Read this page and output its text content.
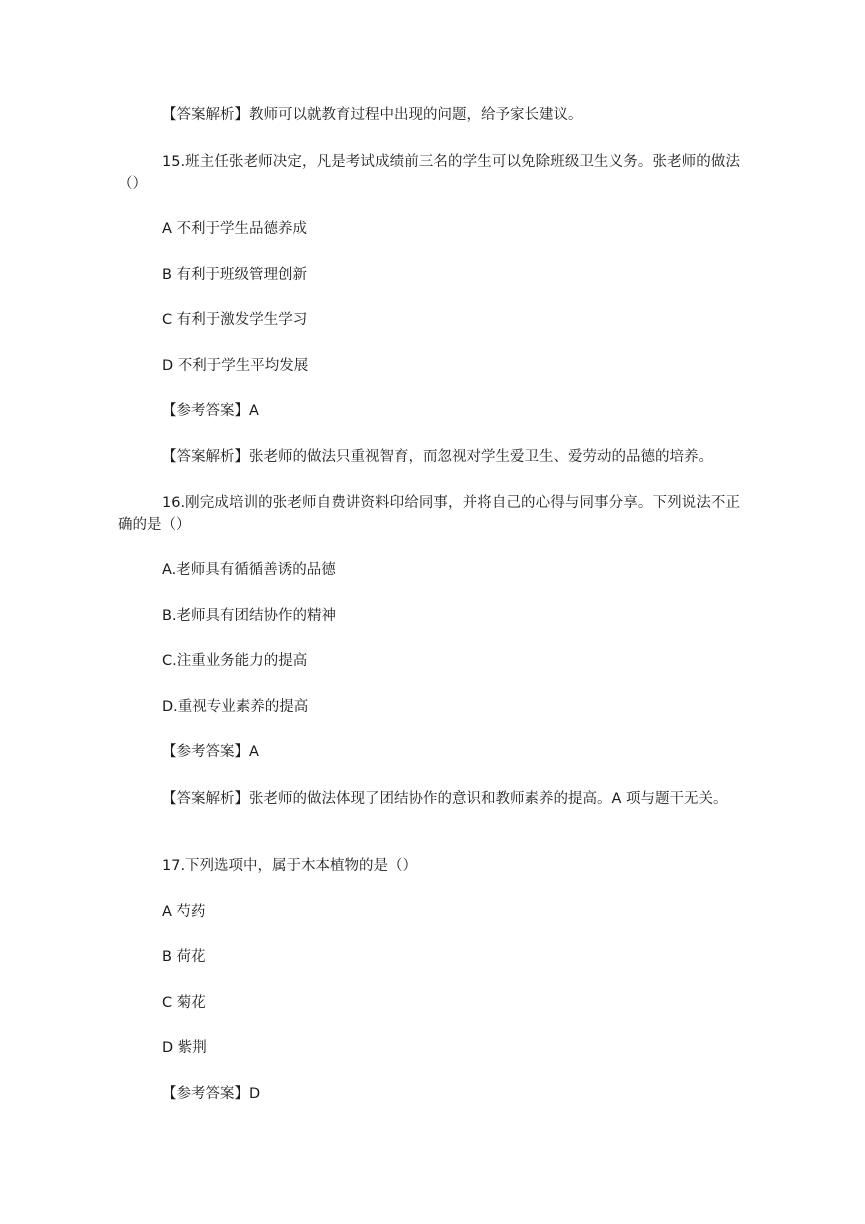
【答案解析】教师可以就教育过程中出现的问题，给予家长建议。

15.班主任张老师决定，凡是考试成绩前三名的学生可以免除班级卫生义务。张老师的做法（）

A 不利于学生品德养成

B 有利于班级管理创新

C 有利于激发学生学习

D 不利于学生平均发展

【参考答案】A

【答案解析】张老师的做法只重视智育，而忽视对学生爱卫生、爱劳动的品德的培养。

16.刚完成培训的张老师自费讲资料印给同事，并将自己的心得与同事分享。下列说法不正确的是（）

A.老师具有循循善诱的品德

B.老师具有团结协作的精神

C.注重业务能力的提高

D.重视专业素养的提高

【参考答案】A

【答案解析】张老师的做法体现了团结协作的意识和教师素养的提高。A 项与题干无关。

17.下列选项中，属于木本植物的是（）

A 芍药

B 荷花

C 菊花

D 紫荆

【参考答案】D
